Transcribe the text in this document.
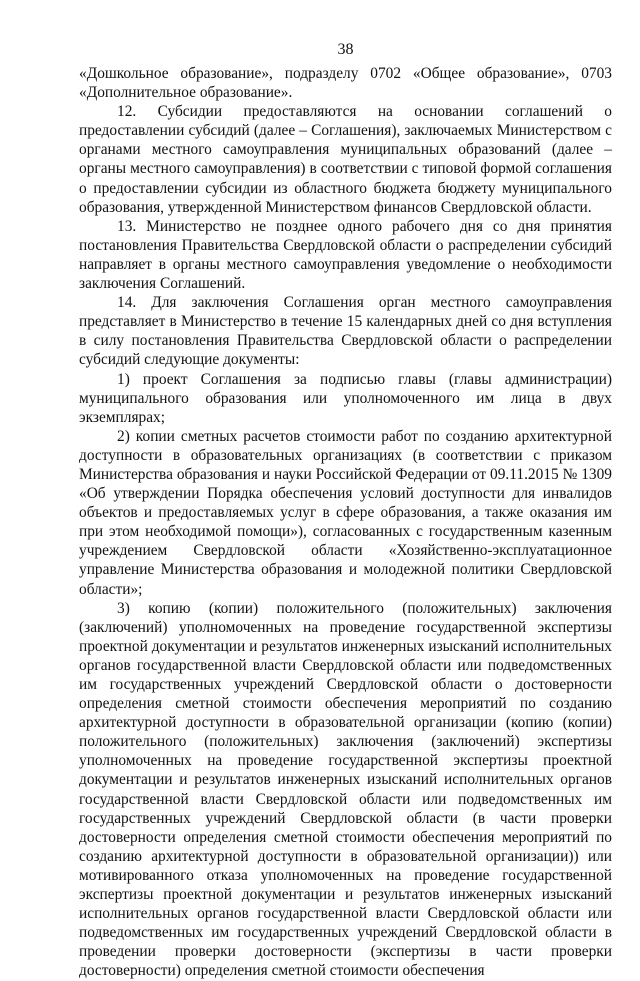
38

«Дошкольное образование», подразделу 0702 «Общее образование», 0703 «Дополнительное образование».

12. Субсидии предоставляются на основании соглашений о предоставлении субсидий (далее – Соглашения), заключаемых Министерством с органами местного самоуправления муниципальных образований (далее – органы местного самоуправления) в соответствии с типовой формой соглашения о предоставлении субсидии из областного бюджета бюджету муниципального образования, утвержденной Министерством финансов Свердловской области.

13. Министерство не позднее одного рабочего дня со дня принятия постановления Правительства Свердловской области о распределении субсидий направляет в органы местного самоуправления уведомление о необходимости заключения Соглашений.

14. Для заключения Соглашения орган местного самоуправления представляет в Министерство в течение 15 календарных дней со дня вступления в силу постановления Правительства Свердловской области о распределении субсидий следующие документы:

1) проект Соглашения за подписью главы (главы администрации) муниципального образования или уполномоченного им лица в двух экземплярах;

2) копии сметных расчетов стоимости работ по созданию архитектурной доступности в образовательных организациях (в соответствии с приказом Министерства образования и науки Российской Федерации от 09.11.2015 № 1309 «Об утверждении Порядка обеспечения условий доступности для инвалидов объектов и предоставляемых услуг в сфере образования, а также оказания им при этом необходимой помощи»), согласованных с государственным казенным учреждением Свердловской области «Хозяйственно-эксплуатационное управление Министерства образования и молодежной политики Свердловской области»;

3) копию (копии) положительного (положительных) заключения (заключений) уполномоченных на проведение государственной экспертизы проектной документации и результатов инженерных изысканий исполнительных органов государственной власти Свердловской области или подведомственных им государственных учреждений Свердловской области о достоверности определения сметной стоимости обеспечения мероприятий по созданию архитектурной доступности в образовательной организации (копию (копии) положительного (положительных) заключения (заключений) экспертизы уполномоченных на проведение государственной экспертизы проектной документации и результатов инженерных изысканий исполнительных органов государственной власти Свердловской области или подведомственных им государственных учреждений Свердловской области (в части проверки достоверности определения сметной стоимости обеспечения мероприятий по созданию архитектурной доступности в образовательной организации)) или мотивированного отказа уполномоченных на проведение государственной экспертизы проектной документации и результатов инженерных изысканий исполнительных органов государственной власти Свердловской области или подведомственных им государственных учреждений Свердловской области в проведении проверки достоверности (экспертизы в части проверки достоверности) определения сметной стоимости обеспечения
